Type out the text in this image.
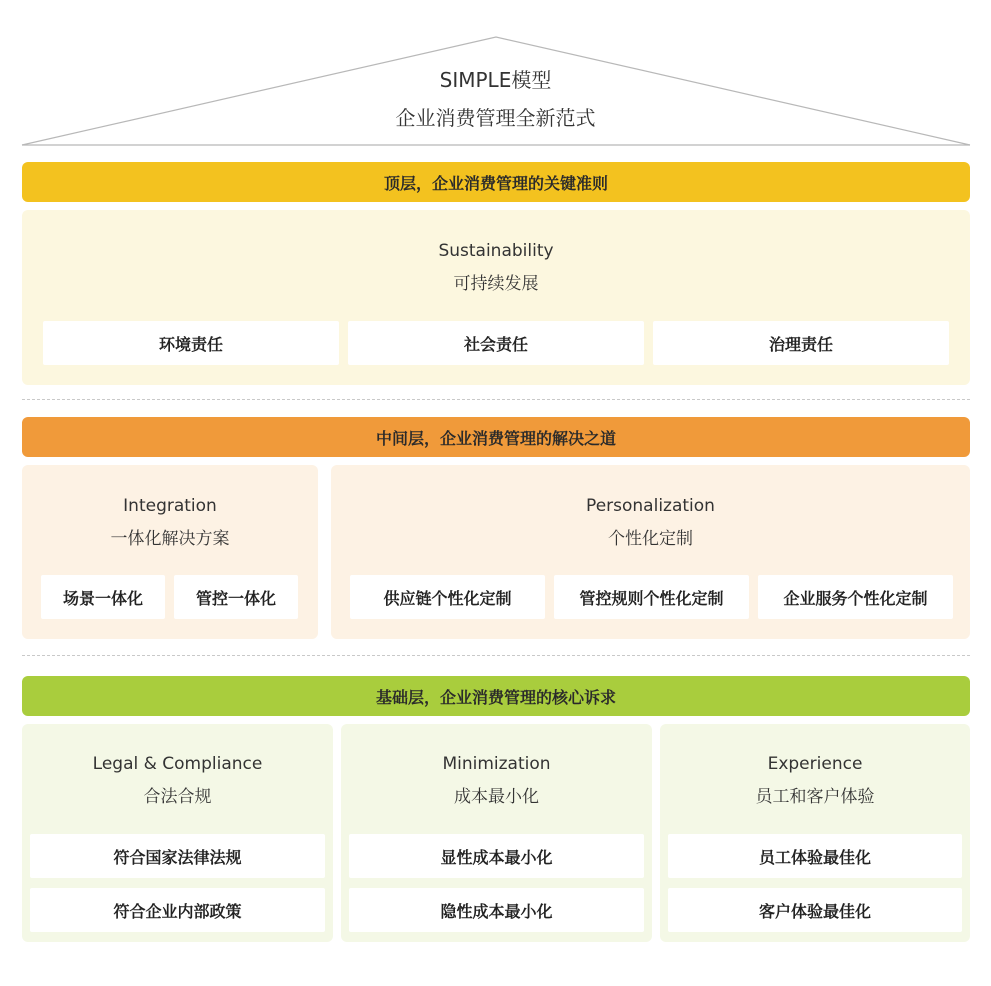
SIMPLE模型
企业消费管理全新范式
顶层，企业消费管理的关键准则
Sustainability
可持续发展
环境责任	社会责任	治理责任
中间层，企业消费管理的解决之道
Integration
一体化解决方案
场景一体化	管控一体化
Personalization
个性化定制
供应链个性化定制	管控规则个性化定制	企业服务个性化定制
基础层，企业消费管理的核心诉求
Legal & Compliance
合法合规
符合国家法律法规
符合企业内部政策
Minimization
成本最小化
显性成本最小化
隐性成本最小化
Experience
员工和客户体验
员工体验最佳化
客户体验最佳化
